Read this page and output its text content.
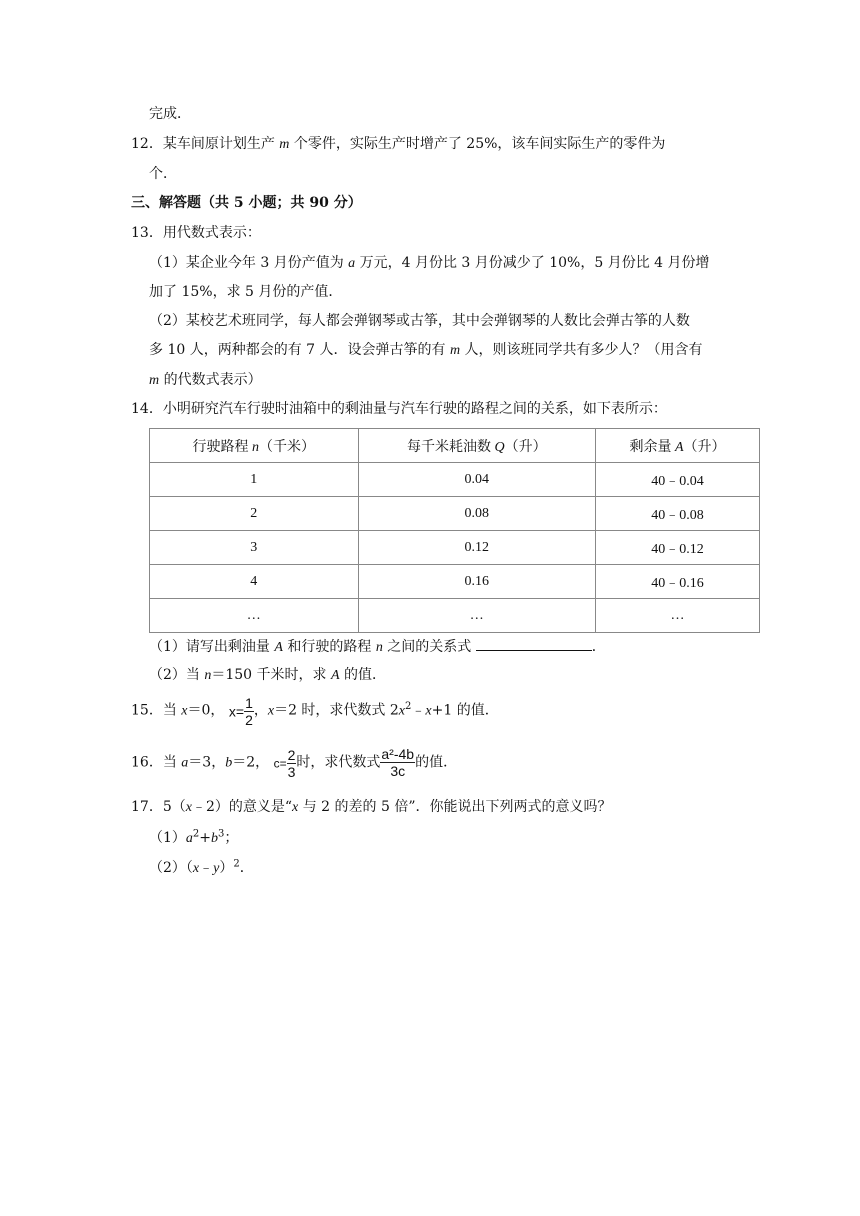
完成．
12．某车间原计划生产 m 个零件，实际生产时增产了 25%，该车间实际生产的零件为
个．
三、解答题（共 5 小题；共 90 分）
13．用代数式表示：
（1）某企业今年 3 月份产值为 a 万元，4 月份比 3 月份减少了 10%，5 月份比 4 月份增
加了 15%，求 5 月份的产值．
（2）某校艺术班同学，每人都会弹钢琴或古筝，其中会弹钢琴的人数比会弹古筝的人数
多 10 人，两种都会的有 7 人．设会弹古筝的有 m 人，则该班同学共有多少人？（用含有
m 的代数式表示）
14．小明研究汽车行驶时油箱中的剩油量与汽车行驶的路程之间的关系，如下表所示：
行驶路程 n（千米）	每千米耗油数 Q（升）	剩余量 A（升）
1	0.04	40﹣0.04
2	0.08	40﹣0.08
3	0.12	40﹣0.12
4	0.16	40﹣0.16
…	…	…
（1）请写出剩油量 A 和行驶的路程 n 之间的关系式	．
（2）当 n＝150 千米时，求 A 的值．
15．当 x＝0， $x= \frac{1}{2}$ ，x＝2 时，求代数式 $2x^2﹣x+1$ 的值．
16．当 a＝3，b＝2， $c= \frac{2}{3}$ 时，求代数式 $\frac{\text{a²-4b}}{3c}$ 的值．
17．5（x﹣2）的意义是“x 与 2 的差的 5 倍”．你能说出下列两式的意义吗？
$(1)a^2+b^3$；
（2）（x﹣y）$^2$．
